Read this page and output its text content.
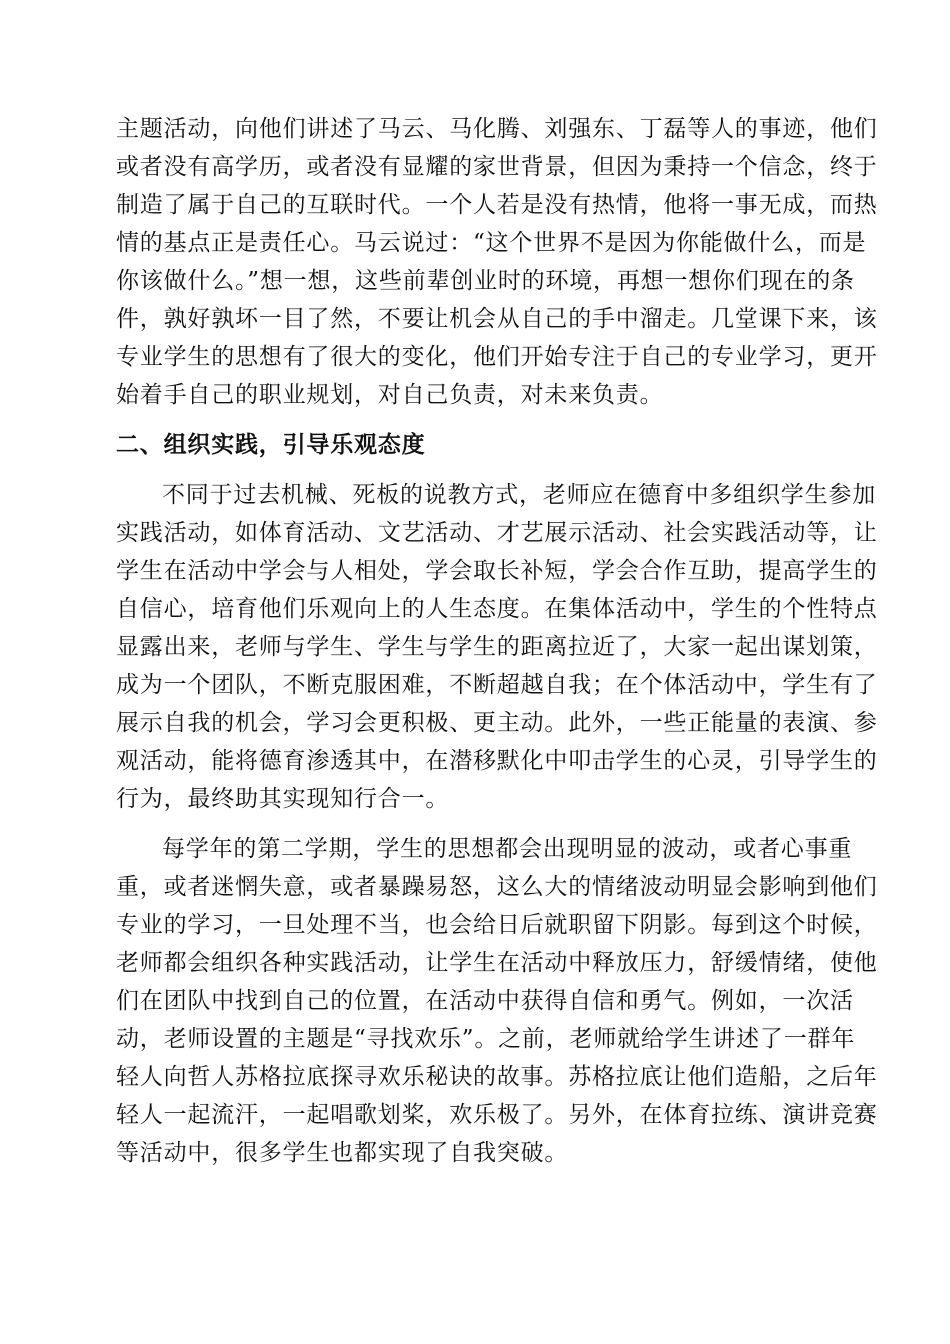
主题活动，向他们讲述了马云、马化腾、刘强东、丁磊等人的事迹，他们
或者没有高学历，或者没有显耀的家世背景，但因为秉持一个信念，终于
制造了属于自己的互联时代。一个人若是没有热情，他将一事无成，而热
情的基点正是责任心。马云说过：“这个世界不是因为你能做什么，而是
你该做什么。”想一想，这些前辈创业时的环境，再想一想你们现在的条
件，孰好孰坏一目了然，不要让机会从自己的手中溜走。几堂课下来，该
专业学生的思想有了很大的变化，他们开始专注于自己的专业学习，更开
始着手自己的职业规划，对自己负责，对未来负责。
二、组织实践，引导乐观态度
不同于过去机械、死板的说教方式，老师应在德育中多组织学生参加
实践活动，如体育活动、文艺活动、才艺展示活动、社会实践活动等，让
学生在活动中学会与人相处，学会取长补短，学会合作互助，提高学生的
自信心，培育他们乐观向上的人生态度。在集体活动中，学生的个性特点
显露出来，老师与学生、学生与学生的距离拉近了，大家一起出谋划策，
成为一个团队，不断克服困难，不断超越自我；在个体活动中，学生有了
展示自我的机会，学习会更积极、更主动。此外，一些正能量的表演、参
观活动，能将德育渗透其中，在潜移默化中叩击学生的心灵，引导学生的
行为，最终助其实现知行合一。
每学年的第二学期，学生的思想都会出现明显的波动，或者心事重
重，或者迷惘失意，或者暴躁易怒，这么大的情绪波动明显会影响到他们
专业的学习，一旦处理不当，也会给日后就职留下阴影。每到这个时候，
老师都会组织各种实践活动，让学生在活动中释放压力，舒缓情绪，使他
们在团队中找到自己的位置，在活动中获得自信和勇气。例如，一次活
动，老师设置的主题是“寻找欢乐”。之前，老师就给学生讲述了一群年
轻人向哲人苏格拉底探寻欢乐秘诀的故事。苏格拉底让他们造船，之后年
轻人一起流汗，一起唱歌划桨，欢乐极了。另外，在体育拉练、演讲竞赛
等活动中，很多学生也都实现了自我突破。
